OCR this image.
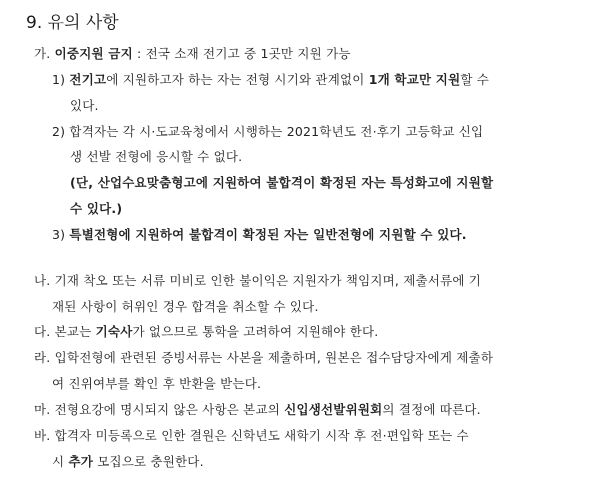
9. 유의 사항
가. 이중지원 금지 : 전국 소재 전기고 중 1곳만 지원 가능
1) 전기고에 지원하고자 하는 자는 전형 시기와 관계없이 1개 학교만 지원할 수
있다.
2) 합격자는 각 시·도교육청에서 시행하는 2021학년도 전·후기 고등학교 신입
생 선발 전형에 응시할 수 없다.
(단, 산업수요맞춤형고에 지원하여 불합격이 확정된 자는 특성화고에 지원할
수 있다.)
3) 특별전형에 지원하여 불합격이 확정된 자는 일반전형에 지원할 수 있다.
나. 기재 착오 또는 서류 미비로 인한 불이익은 지원자가 책임지며, 제출서류에 기
재된 사항이 허위인 경우 합격을 취소할 수 있다.
다. 본교는 기숙사가 없으므로 통학을 고려하여 지원해야 한다.
라. 입학전형에 관련된 증빙서류는 사본을 제출하며, 원본은 접수담당자에게 제출하
여 진위여부를 확인 후 반환을 받는다.
마. 전형요강에 명시되지 않은 사항은 본교의 신입생선발위원회의 결정에 따른다.
바. 합격자 미등록으로 인한 결원은 신학년도 새학기 시작 후 전·편입학 또는 수
시 추가 모집으로 충원한다.
